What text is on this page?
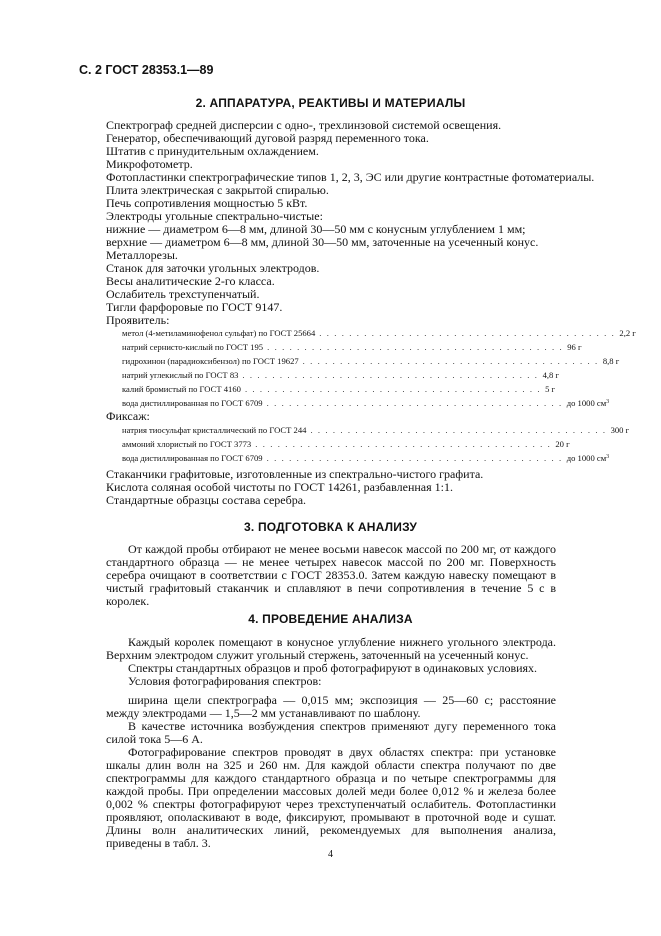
С. 2 ГОСТ 28353.1—89
2. АППАРАТУРА, РЕАКТИВЫ И МАТЕРИАЛЫ
Спектрограф средней дисперсии с одно-, трехлинзовой системой освещения.
Генератор, обеспечивающий дуговой разряд переменного тока.
Штатив с принудительным охлаждением.
Микрофотометр.
Фотопластинки спектрографические типов 1, 2, 3, ЭС или другие контрастные фотоматериалы.
Плита электрическая с закрытой спиралью.
Печь сопротивления мощностью 5 кВт.
Электроды угольные спектрально-чистые:
нижние — диаметром 6—8 мм, длиной 30—50 мм с конусным углублением 1 мм;
верхние — диаметром 6—8 мм, длиной 30—50 мм, заточенные на усеченный конус.
Металлорезы.
Станок для заточки угольных электродов.
Весы аналитические 2-го класса.
Ослабитель трехступенчатый.
Тигли фарфоровые по ГОСТ 9147.
Проявитель:
метол (4-метиламинофенол сульфат) по ГОСТ 25664 . . . . . . . . . . . . . . . . . . . . . . . . . . . . . . . . . . . . . . . . 2,2 г
натрий сернисто-кислый по ГОСТ 195 . . . . . . . . . . . . . . . . . . . . . . . . . . . . . . . . . . . . . . . . 96 г
гидрохинон (парадиоксибензол) по ГОСТ 19627 . . . . . . . . . . . . . . . . . . . . . . . . . . . . . . . . . . . . . . . . 8,8 г
натрий углекислый по ГОСТ 83 . . . . . . . . . . . . . . . . . . . . . . . . . . . . . . . . . . . . . . . . 4,8 г
калий бромистый по ГОСТ 4160 . . . . . . . . . . . . . . . . . . . . . . . . . . . . . . . . . . . . . . . . 5 г
вода дистиллированная по ГОСТ 6709 . . . . . . . . . . . . . . . . . . . . . . . . . . . . . . . . . . . . . . . . до 1000 $см^3$
Фиксаж:
натрия тиосульфат кристаллический по ГОСТ 244 . . . . . . . . . . . . . . . . . . . . . . . . . . . . . . . . . . . . . . . . 300 г
аммоний хлористый по ГОСТ 3773 . . . . . . . . . . . . . . . . . . . . . . . . . . . . . . . . . . . . . . . . 20 г
вода дистиллированная по ГОСТ 6709 . . . . . . . . . . . . . . . . . . . . . . . . . . . . . . . . . . . . . . . . до 1000 $см^3$
Стаканчики графитовые, изготовленные из спектрально-чистого графита.
Кислота соляная особой чистоты по ГОСТ 14261, разбавленная 1:1.
Стандартные образцы состава серебра.
3. ПОДГОТОВКА К АНАЛИЗУ
От каждой пробы отбирают не менее восьми навесок массой по 200 мг, от каждого стандартного образца — не менее четырех навесок массой по 200 мг. Поверхность серебра очищают в соответствии с ГОСТ 28353.0. Затем каждую навеску помещают в чистый графитовый стаканчик и сплавляют в печи сопротивления в течение 5 с в королек.
4. ПРОВЕДЕНИЕ АНАЛИЗА
Каждый королек помещают в конусное углубление нижнего угольного электрода. Верхним электродом служит угольный стержень, заточенный на усеченный конус.
Спектры стандартных образцов и проб фотографируют в одинаковых условиях.
Условия фотографирования спектров:
ширина щели спектрографа — 0,015 мм; экспозиция — 25—60 с; расстояние между электродами — 1,5—2 мм устанавливают по шаблону.
В качестве источника возбуждения спектров применяют дугу переменного тока силой тока 5—6 А.
Фотографирование спектров проводят в двух областях спектра: при установке шкалы длин волн на 325 и 260 нм. Для каждой области спектра получают по две спектрограммы для каждого стандартного образца и по четыре спектрограммы для каждой пробы. При определении массовых долей меди более 0,012 % и железа более 0,002 % спектры фотографируют через трехступенчатый ослабитель. Фотопластинки проявляют, ополаскивают в воде, фиксируют, промывают в проточной воде и сушат. Длины волн аналитических линий, рекомендуемых для выполнения анализа, приведены в табл. 3.
4
